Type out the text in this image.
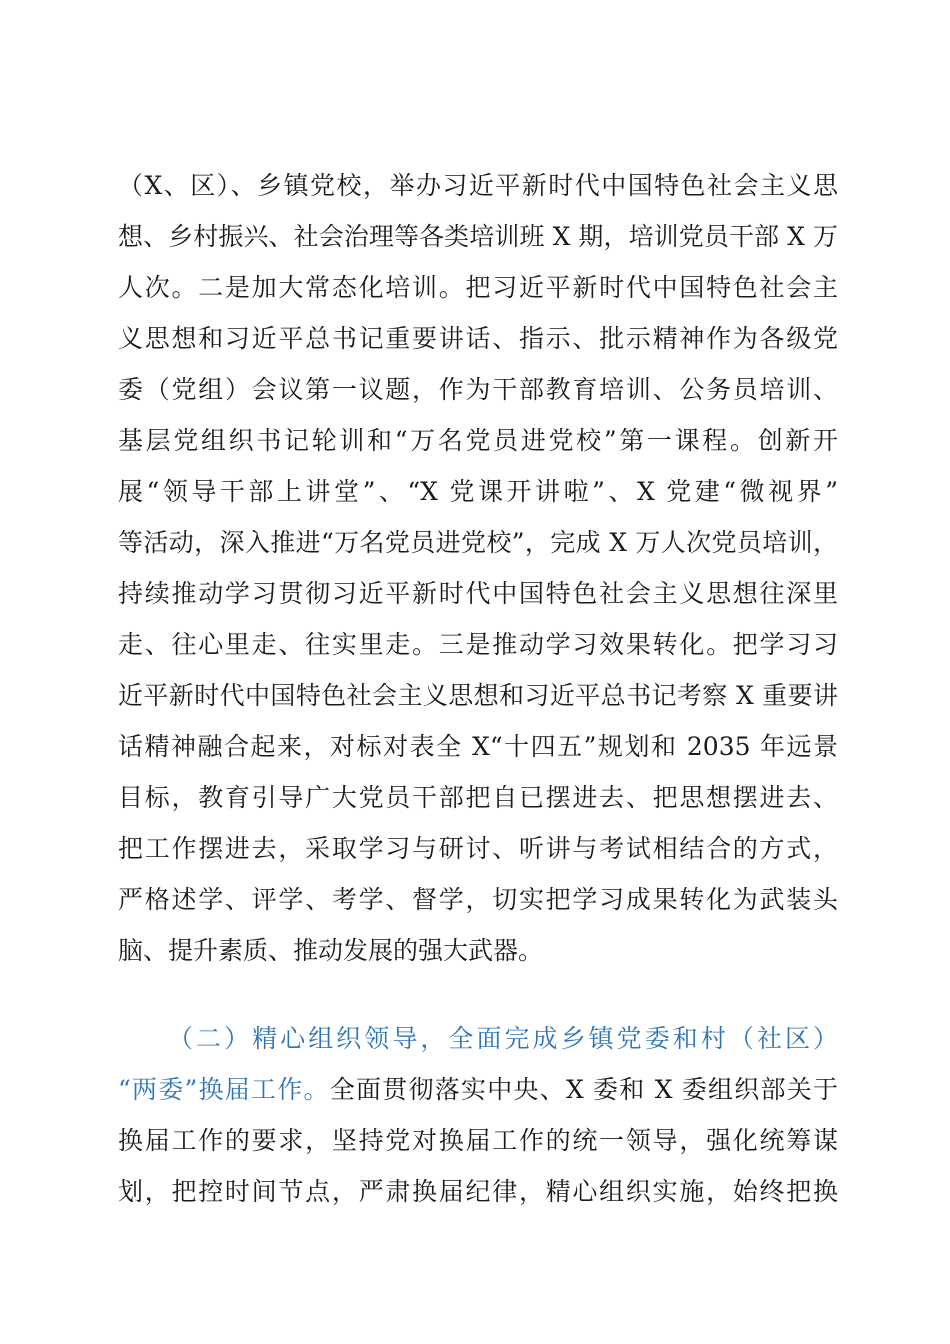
（X、区）、乡镇党校，举办习近平新时代中国特色社会主义思
想、乡村振兴、社会治理等各类培训班 X 期，培训党员干部 X 万
人次。二是加大常态化培训。把习近平新时代中国特色社会主
义思想和习近平总书记重要讲话、指示、批示精神作为各级党
委（党组）会议第一议题，作为干部教育培训、公务员培训、
基层党组织书记轮训和“万名党员进党校”第一课程。创新开
展“领导干部上讲堂”、“X 党课开讲啦”、X 党建“微视界”
等活动，深入推进“万名党员进党校”，完成 X 万人次党员培训，
持续推动学习贯彻习近平新时代中国特色社会主义思想往深里
走、往心里走、往实里走。三是推动学习效果转化。把学习习
近平新时代中国特色社会主义思想和习近平总书记考察 X 重要讲
话精神融合起来，对标对表全 X“十四五”规划和 2035 年远景
目标，教育引导广大党员干部把自已摆进去、把思想摆进去、
把工作摆进去，采取学习与研讨、听讲与考试相结合的方式，
严格述学、评学、考学、督学，切实把学习成果转化为武装头
脑、提升素质、推动发展的强大武器。
（二）精心组织领导，全面完成乡镇党委和村（社区）
“两委”换届工作。全面贯彻落实中央、X 委和 X 委组织部关于
换届工作的要求，坚持党对换届工作的统一领导，强化统筹谋
划，把控时间节点，严肃换届纪律，精心组织实施，始终把换
